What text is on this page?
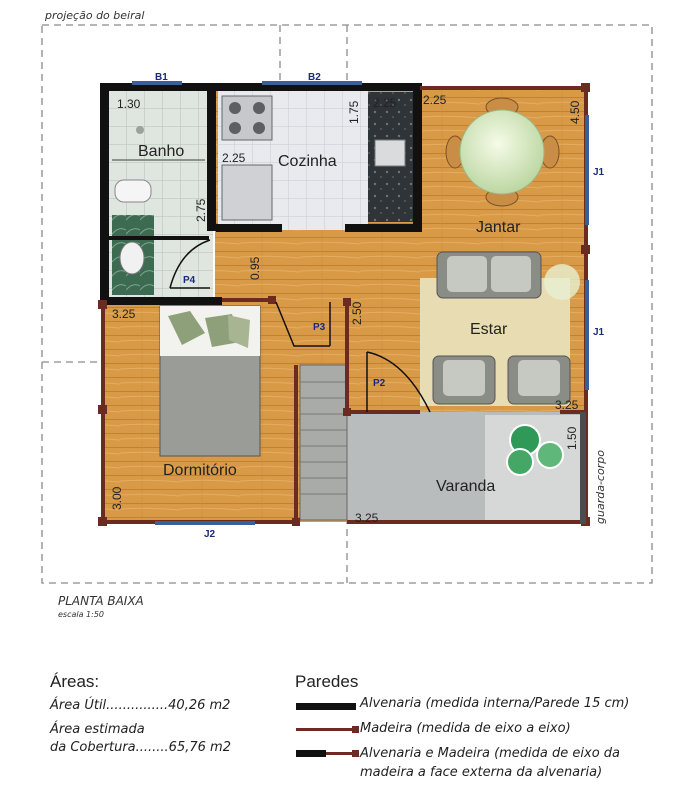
projeção do beiral
Banho
Cozinha
Jantar
Estar
Dormitório
Varanda
1.30
2.25
1.75 2.25 2.25
4.50
2.75
0.95
2.50
3.25
3.00
3.25
1.50
3.25
B1	B2
J1
J1
J2
P2
P3
P4
guarda-corpo
PLANTA BAIXA
escala 1:50
Áreas:
Área Útil...............40,26 m2
Área estimada
da Cobertura........65,76 m2
Paredes
Alvenaria (medida interna/Parede 15 cm)
Madeira (medida de eixo a eixo)
Alvenaria e Madeira (medida de eixo da
madeira a face externa da alvenaria)
